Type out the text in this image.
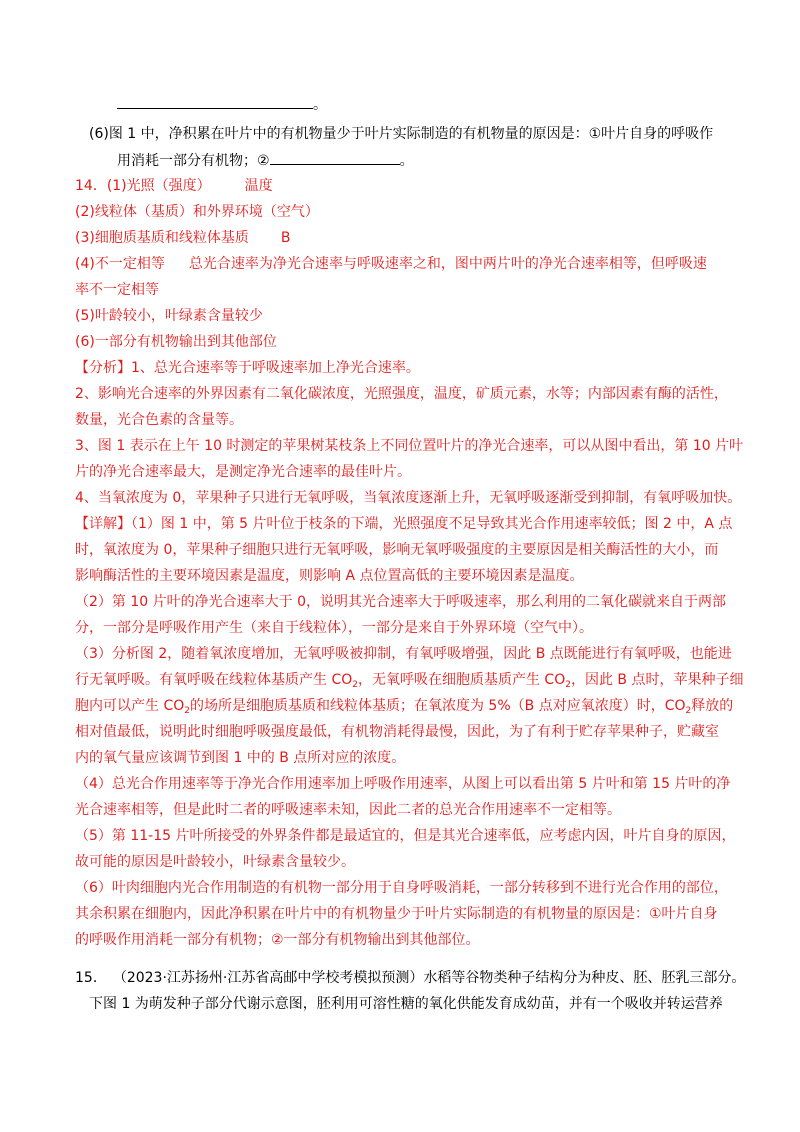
。
(6)图 1 中，净积累在叶片中的有机物量少于叶片实际制造的有机物量的原因是：①叶片自身的呼吸作
用消耗一部分有机物；②	。
14．(1)光照（强度） 温度
(2)线粒体（基质）和外界环境（空气）
(3)细胞质基质和线粒体基质 B
(4)不一定相等 总光合速率为净光合速率与呼吸速率之和，图中两片叶的净光合速率相等，但呼吸速
率不一定相等
(5)叶龄较小，叶绿素含量较少
(6)一部分有机物输出到其他部位
【分析】1、总光合速率等于呼吸速率加上净光合速率。
2、影响光合速率的外界因素有二氧化碳浓度，光照强度，温度，矿质元素，水等；内部因素有酶的活性，
数量，光合色素的含量等。
3、图 1 表示在上午 10 时测定的苹果树某枝条上不同位置叶片的净光合速率，可以从图中看出，第 10 片叶
片的净光合速率最大，是测定净光合速率的最佳叶片。
4、当氧浓度为 0，苹果种子只进行无氧呼吸，当氧浓度逐渐上升，无氧呼吸逐渐受到抑制，有氧呼吸加快。
【详解】（1）图 1 中，第 5 片叶位于枝条的下端，光照强度不足导致其光合作用速率较低；图 2 中，A 点
时，氧浓度为 0，苹果种子细胞只进行无氧呼吸，影响无氧呼吸强度的主要原因是相关酶活性的大小，而
影响酶活性的主要环境因素是温度，则影响 A 点位置高低的主要环境因素是温度。
（2）第 10 片叶的净光合速率大于 0，说明其光合速率大于呼吸速率，那么利用的二氧化碳就来自于两部
分，一部分是呼吸作用产生（来自于线粒体），一部分是来自于外界环境（空气中）。
（3）分析图 2，随着氧浓度增加，无氧呼吸被抑制，有氧呼吸增强，因此 B 点既能进行有氧呼吸，也能进
行无氧呼吸。有氧呼吸在线粒体基质产生 $CO_2$，无氧呼吸在细胞质基质产生 $CO_2$，因此 B 点时，苹果种子细
胞内可以产生 $CO_2$的场所是细胞质基质和线粒体基质；在氧浓度为 5%（B 点对应氧浓度）时，$CO_2$释放的
相对值最低，说明此时细胞呼吸强度最低，有机物消耗得最慢，因此，为了有利于贮存苹果种子，贮藏室
内的氧气量应该调节到图 1 中的 B 点所对应的浓度。
（4）总光合作用速率等于净光合作用速率加上呼吸作用速率，从图上可以看出第 5 片叶和第 15 片叶的净
光合速率相等，但是此时二者的呼吸速率未知，因此二者的总光合作用速率不一定相等。
（5）第 11-15 片叶所接受的外界条件都是最适宜的，但是其光合速率低，应考虑内因，叶片自身的原因，
故可能的原因是叶龄较小，叶绿素含量较少。
（6）叶肉细胞内光合作用制造的有机物一部分用于自身呼吸消耗，一部分转移到不进行光合作用的部位，
其余积累在细胞内，因此净积累在叶片中的有机物量少于叶片实际制造的有机物量的原因是：①叶片自身
的呼吸作用消耗一部分有机物；②一部分有机物输出到其他部位。
15． （2023·江苏扬州·江苏省高邮中学校考模拟预测）水稻等谷物类种子结构分为种皮、胚、胚乳三部分。
下图 1 为萌发种子部分代谢示意图，胚利用可溶性糖的氧化供能发育成幼苗，并有一个吸收并转运营养
